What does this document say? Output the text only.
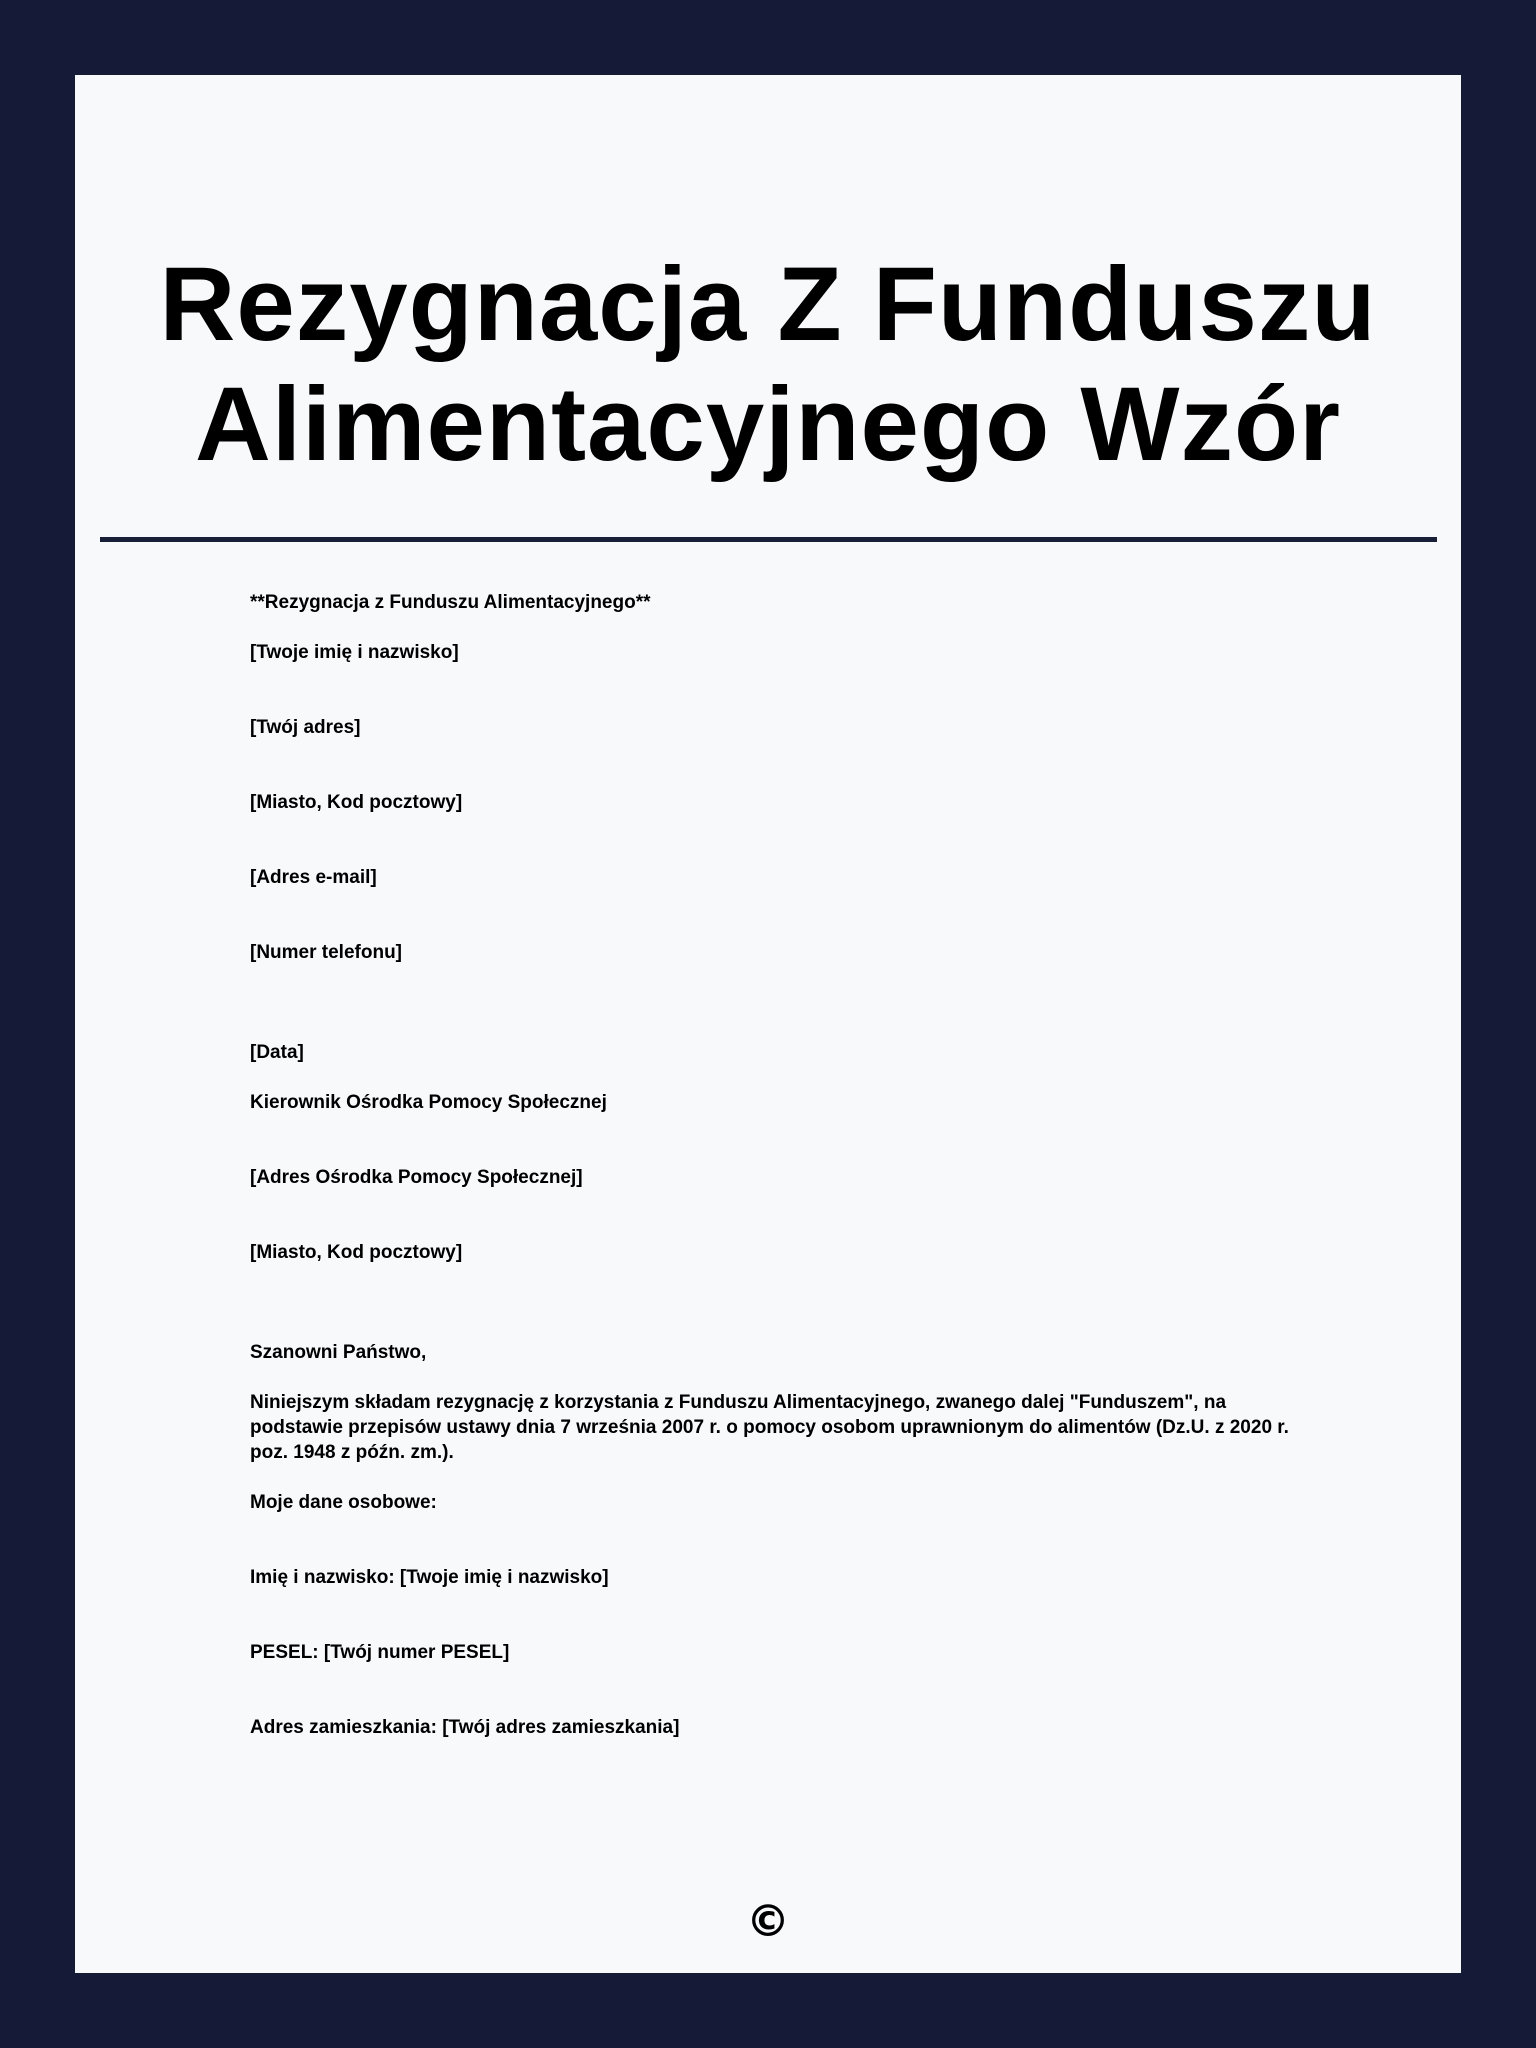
Rezygnacja Z Funduszu Alimentacyjnego Wzór

**Rezygnacja z Funduszu Alimentacyjnego**

[Twoje imię i nazwisko]

[Twój adres]

[Miasto, Kod pocztowy]

[Adres e-mail]

[Numer telefonu]

[Data]

Kierownik Ośrodka Pomocy Społecznej

[Adres Ośrodka Pomocy Społecznej]

[Miasto, Kod pocztowy]

Szanowni Państwo,

Niniejszym składam rezygnację z korzystania z Funduszu Alimentacyjnego, zwanego dalej "Funduszem", na podstawie przepisów ustawy dnia 7 września 2007 r. o pomocy osobom uprawnionym do alimentów (Dz.U. z 2020 r. poz. 1948 z późn. zm.).

Moje dane osobowe:

Imię i nazwisko: [Twoje imię i nazwisko]

PESEL: [Twój numer PESEL]

Adres zamieszkania: [Twój adres zamieszkania]

©
